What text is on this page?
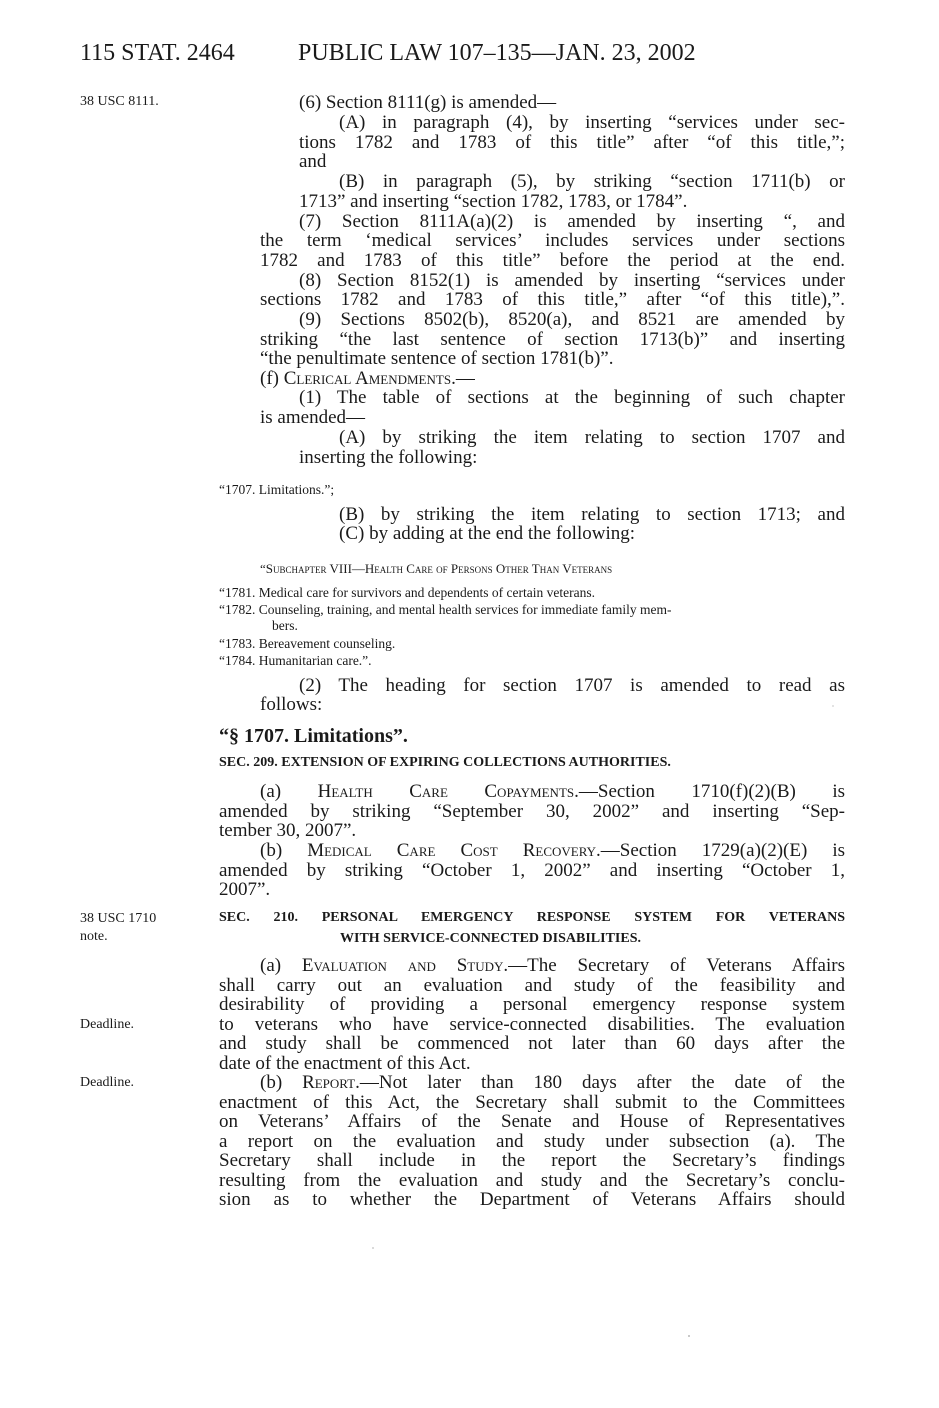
115 STAT. 2464	PUBLIC LAW 107–135—JAN. 23, 2002
38 USC 8111.
38 USC 1710
note.
Deadline.
Deadline.
(6) Section 8111(g) is amended—
(A) in paragraph (4), by inserting “services under sec-
tions 1782 and 1783 of this title” after “of this title,”;
and
(B) in paragraph (5), by striking “section 1711(b) or
1713” and inserting “section 1782, 1783, or 1784”.
(7) Section 8111A(a)(2) is amended by inserting “, and
the term ‘medical services’ includes services under sections
1782 and 1783 of this title” before the period at the end.
(8) Section 8152(1) is amended by inserting “services under
sections 1782 and 1783 of this title,” after “of this title),”.
(9) Sections 8502(b), 8520(a), and 8521 are amended by
striking “the last sentence of section 1713(b)” and inserting
“the penultimate sentence of section 1781(b)”.
(f) Clerical Amendments.—
(1) The table of sections at the beginning of such chapter
is amended—
(A) by striking the item relating to section 1707 and
inserting the following:
“1707. Limitations.”;
(B) by striking the item relating to section 1713; and
(C) by adding at the end the following:
“Subchapter VIII—Health Care of Persons Other Than Veterans
“1781. Medical care for survivors and dependents of certain veterans.
“1782. Counseling, training, and mental health services for immediate family mem-
bers.
“1783. Bereavement counseling.
“1784. Humanitarian care.”.
(2) The heading for section 1707 is amended to read as
follows:
“§ 1707. Limitations”.
SEC. 209. EXTENSION OF EXPIRING COLLECTIONS AUTHORITIES.
(a) Health Care Copayments.—Section 1710(f)(2)(B) is
amended by striking “September 30, 2002” and inserting “Sep-
tember 30, 2007”.
(b) Medical Care Cost Recovery.—Section 1729(a)(2)(E) is
amended by striking “October 1, 2002” and inserting “October 1,
2007”.
SEC. 210. PERSONAL EMERGENCY RESPONSE SYSTEM FOR VETERANS
WITH SERVICE-CONNECTED DISABILITIES.
(a) Evaluation and Study.—The Secretary of Veterans Affairs
shall carry out an evaluation and study of the feasibility and
desirability of providing a personal emergency response system
to veterans who have service-connected disabilities. The evaluation
and study shall be commenced not later than 60 days after the
date of the enactment of this Act.
(b) Report.—Not later than 180 days after the date of the
enactment of this Act, the Secretary shall submit to the Committees
on Veterans’ Affairs of the Senate and House of Representatives
a report on the evaluation and study under subsection (a). The
Secretary shall include in the report the Secretary’s findings
resulting from the evaluation and study and the Secretary’s conclu-
sion as to whether the Department of Veterans Affairs should
